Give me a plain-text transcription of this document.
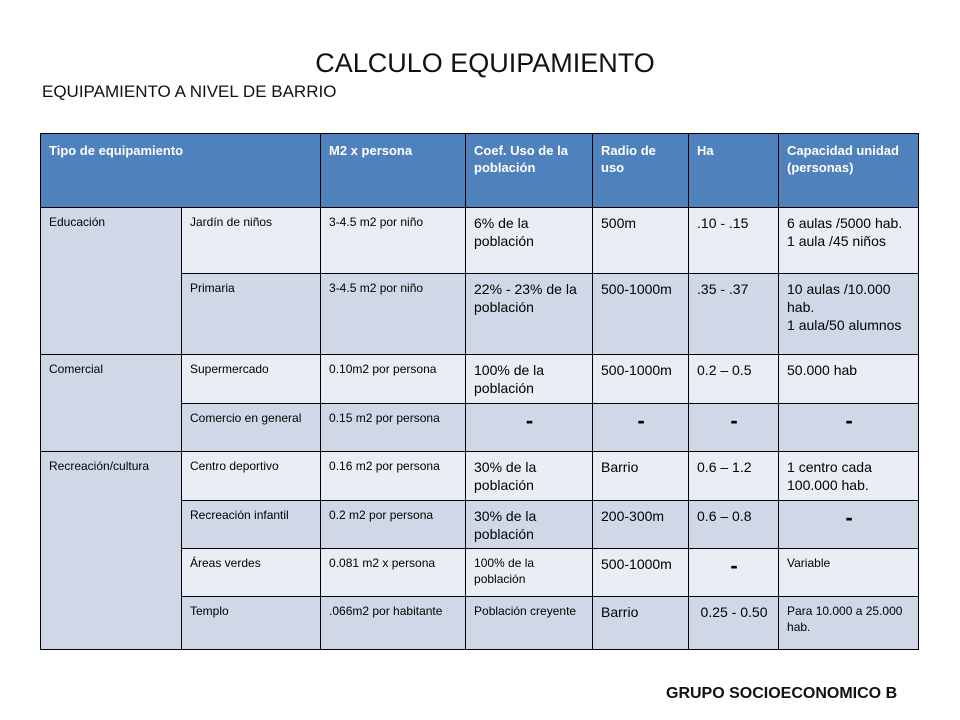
CALCULO EQUIPAMIENTO
EQUIPAMIENTO A NIVEL DE BARRIO
Tipo de equipamiento		M2 x persona	Coef. Uso de la población	Radio de uso	Ha	Capacidad unidad (personas)
Educación	Jardín de niños	3-4.5 m2 por niño	6% de la población	500m	.10 - .15	6 aulas /5000 hab.
1 aula /45 niños

	Primaria	3-4.5 m2 por niño	22% - 23% de la población	500-1000m	.35 - .37	10 aulas /10.000 hab.
1 aula/50 alumnos

Comercial	Supermercado	0.10m2 por persona	100% de la población	500-1000m	0.2 – 0.5	50.000 hab
	Comercio en general	0.15 m2 por persona	-	-	-	-
Recreación/cultura	Centro deportivo	0.16 m2 por persona	30% de la población	Barrio	0.6 – 1.2	1 centro cada 100.000 hab.
	Recreación infantil	0.2 m2 por persona	30% de la población	200-300m	0.6 – 0.8	-
	Áreas verdes	0.081 m2 x persona	100% de la población	500-1000m	-	Variable
	Templo	.066m2 por habitante	Población creyente	Barrio	0.25 - 0.50	Para 10.000 a 25.000 hab.
GRUPO SOCIOECONOMICO B
